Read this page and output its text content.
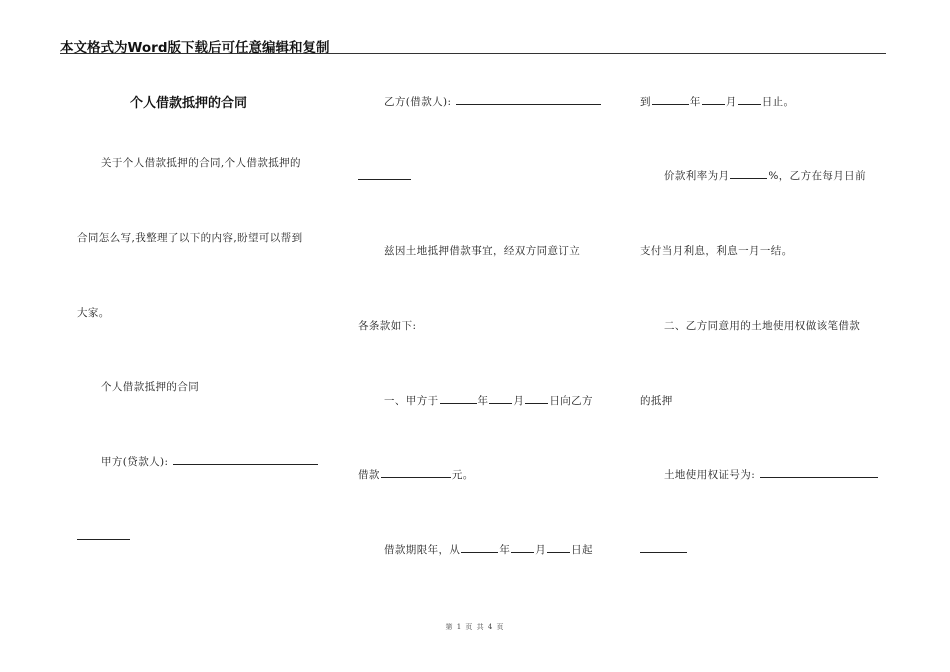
本文格式为Word版下载后可任意编辑和复制
个人借款抵押的合同
关于个人借款抵押的合同,个人借款抵押的
合同怎么写,我整理了以下的内容,盼望可以帮到
大家。
个人借款抵押的合同
甲方(贷款人):
乙方(借款人):
兹因土地抵押借款事宜，经双方同意订立
各条款如下:
一、甲方于	年 月 日向乙方
借款	元。
借款期限年，从	年 月 日起
到	年 月 日止。
价款利率为月	%，乙方在每月日前
支付当月利息，利息一月一结。
二、乙方同意用的土地使用权做该笔借款
的抵押
土地使用权证号为:
第 1 页 共 4 页
